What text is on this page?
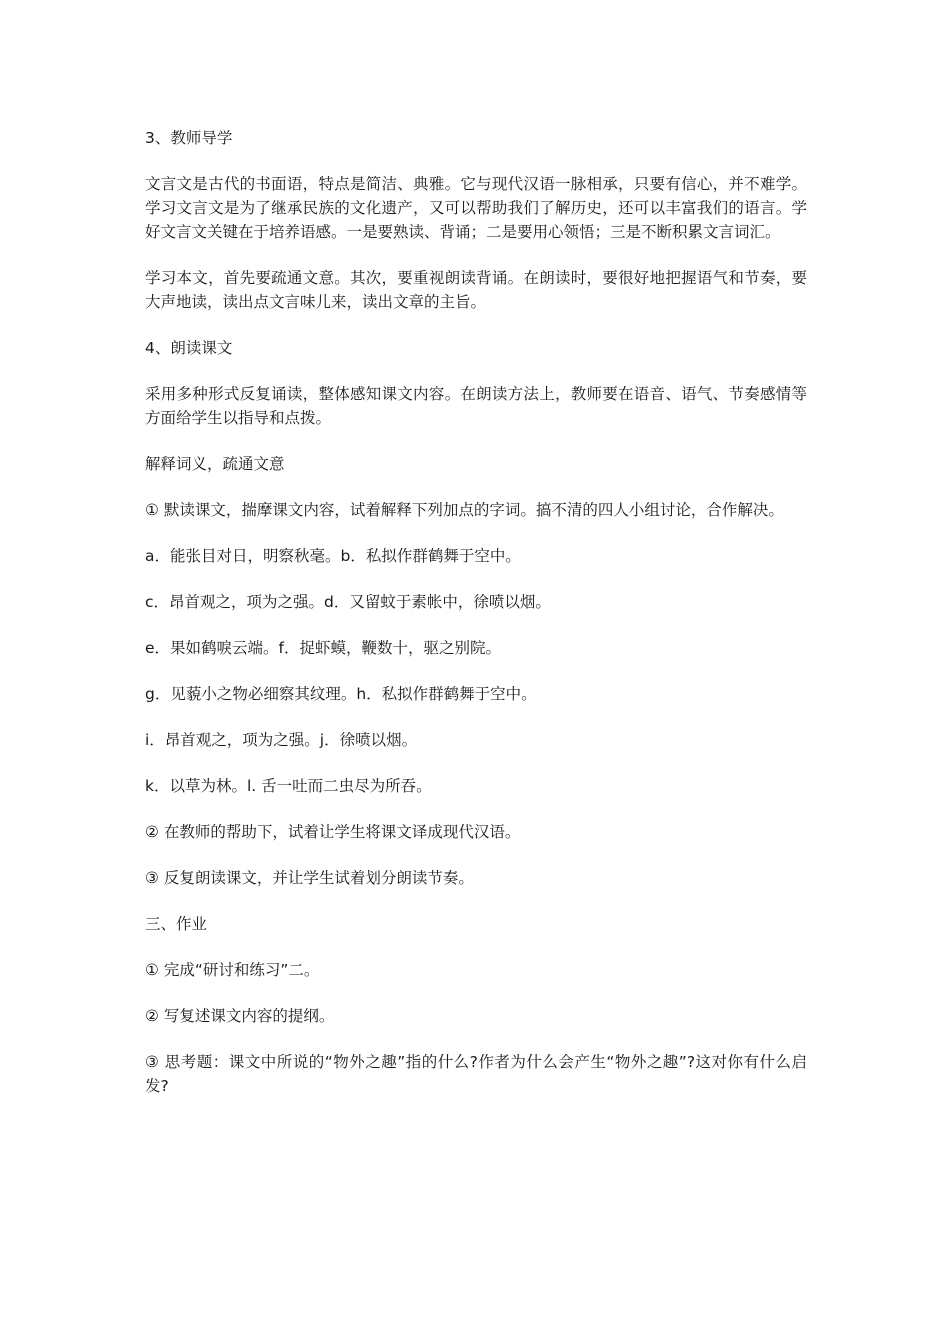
3、教师导学

文言文是古代的书面语，特点是简洁、典雅。它与现代汉语一脉相承，只要有信心，并不难学。学习文言文是为了继承民族的文化遗产，又可以帮助我们了解历史，还可以丰富我们的语言。学好文言文关键在于培养语感。一是要熟读、背诵；二是要用心领悟；三是不断积累文言词汇。

学习本文，首先要疏通文意。其次，要重视朗读背诵。在朗读时，要很好地把握语气和节奏，要大声地读，读出点文言味儿来，读出文章的主旨。

4、朗读课文

采用多种形式反复诵读，整体感知课文内容。在朗读方法上，教师要在语音、语气、节奏感情等方面给学生以指导和点拨。

解释词义，疏通文意

① 默读课文，揣摩课文内容，试着解释下列加点的字词。搞不清的四人小组讨论，合作解决。

a．能张目对日，明察秋毫。b．私拟作群鹤舞于空中。

c．昂首观之，项为之强。d．又留蚊于素帐中，徐喷以烟。

e．果如鹤唳云端。f．捉虾蟆，鞭数十，驱之别院。

g．见藐小之物必细察其纹理。h．私拟作群鹤舞于空中。

i．昂首观之，项为之强。j．徐喷以烟。

k．以草为林。l. 舌一吐而二虫尽为所吞。

② 在教师的帮助下，试着让学生将课文译成现代汉语。

③ 反复朗读课文，并让学生试着划分朗读节奏。

三、作业

① 完成“研讨和练习”二。

② 写复述课文内容的提纲。

③ 思考题：课文中所说的“物外之趣”指的什么?作者为什么会产生“物外之趣”?这对你有什么启发?
